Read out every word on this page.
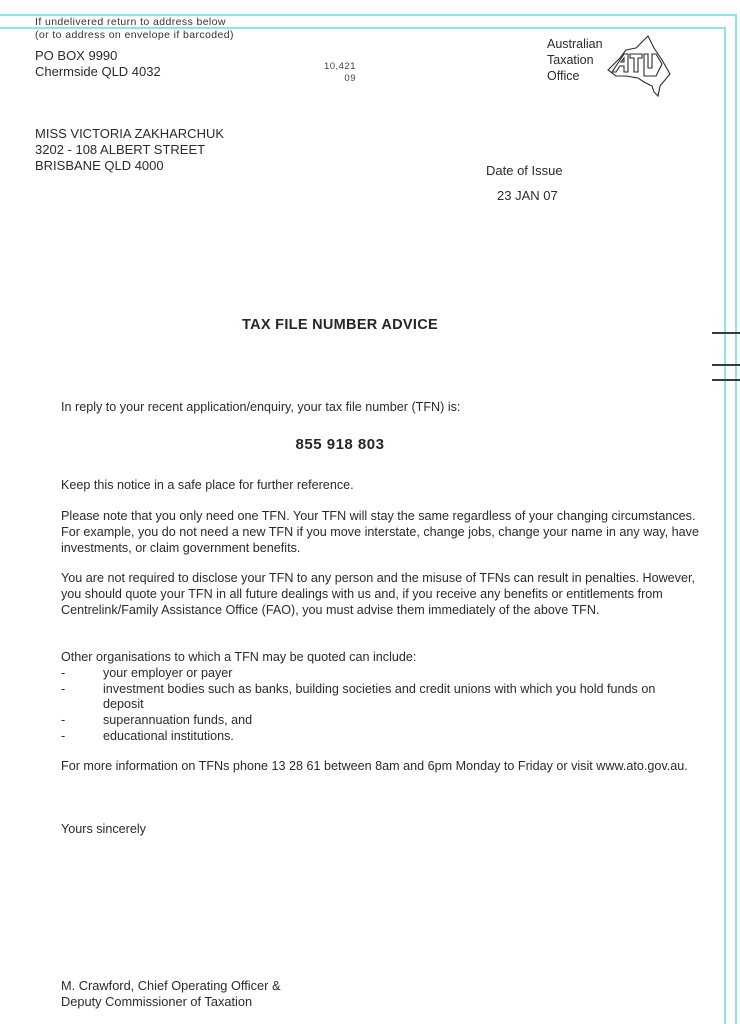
If undelivered return to address below
(or to address on envelope if barcoded)
PO BOX 9990
Chermside QLD 4032	10,421
09
Australian
Taxation
Office
MISS VICTORIA ZAKHARCHUK
3202 - 108 ALBERT STREET
BRISBANE QLD 4000	Date of Issue
23 JAN 07
TAX FILE NUMBER ADVICE
In reply to your recent application/enquiry, your tax file number (TFN) is:
855 918 803
Keep this notice in a safe place for further reference.
Please note that you only need one TFN. Your TFN will stay the same regardless of your changing circumstances. For example, you do not need a new TFN if you move interstate, change jobs, change your name in any way, have investments, or claim government benefits.
You are not required to disclose your TFN to any person and the misuse of TFNs can result in penalties. However, you should quote your TFN in all future dealings with us and, if you receive any benefits or entitlements from Centrelink/Family Assistance Office (FAO), you must advise them immediately of the above TFN.

Other organisations to which a TFN may be quoted can include:

-	your employer or payer
-	investment bodies such as banks, building societies and credit unions with which you hold funds on deposit
-	superannuation funds, and
-	educational institutions.
For more information on TFNs phone 13 28 61 between 8am and 6pm Monday to Friday or visit www.ato.gov.au.
Yours sincerely
M. Crawford, Chief Operating Officer &
Deputy Commissioner of Taxation
